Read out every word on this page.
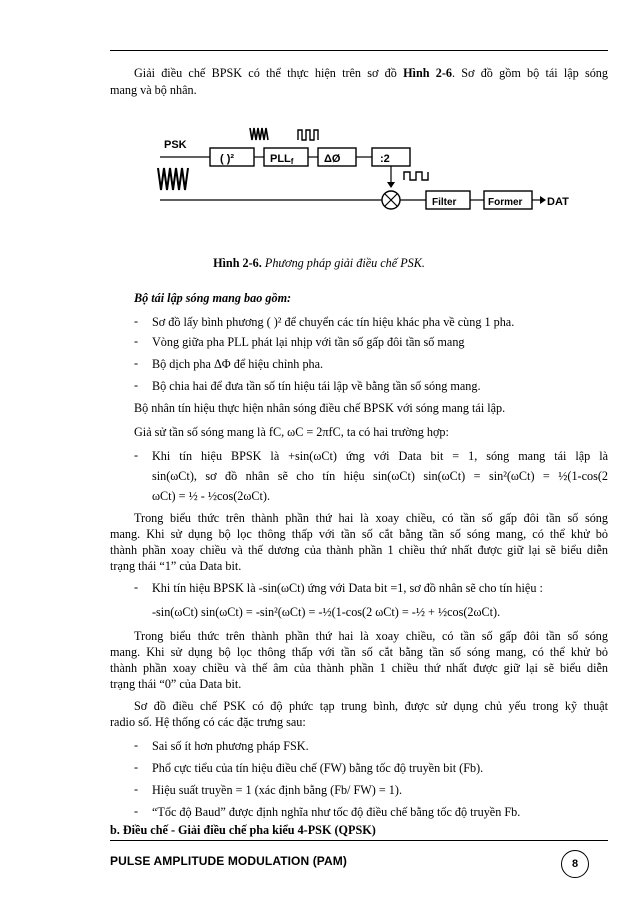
Giải điều chế BPSK có thể thực hiện trên sơ đồ Hình 2-6. Sơ đồ gồm bộ tái lập sóng

mang và bộ nhân.

PSK
( )²	PLLf	ΔØ	:2
Filter	Former DAT
Hình 2-6. Phương pháp giải điều chế PSK.

Bộ tái lập sóng mang bao gồm:

- Sơ đồ lấy bình phương ( )² để chuyển các tín hiệu khác pha về cùng 1 pha.

- Vòng giữa pha PLL phát lại nhịp với tần số gấp đôi tần số mang

- Bộ dịch pha ΔΦ để hiệu chỉnh pha.

- Bộ chia hai để đưa tần số tín hiệu tái lập về bằng tần số sóng mang.

Bộ nhân tín hiệu thực hiện nhân sóng điều chế BPSK với sóng mang tái lập.

Giả sử tần số sóng mang là fC, ωC = 2πfC, ta có hai trường hợp:

- Khi tín hiệu BPSK là +sin(ωCt) ứng với Data bit = 1, sóng mang tái lập là

sin(ωCt), sơ đồ nhân sẽ cho tín hiệu sin(ωCt) sin(ωCt) = sin²(ωCt) = ½(1-cos(2

ωCt) = ½ - ½cos(2ωCt).

Trong biểu thức trên thành phần thứ hai là xoay chiều, có tần số gấp đôi tần số sóng

mang. Khi sử dụng bộ lọc thông thấp với tần số cắt bằng tần số sóng mang, có thể khử bỏ

thành phần xoay chiều và thế dương của thành phần 1 chiều thứ nhất được giữ lại sẽ biểu diễn

trạng thái “1” của Data bit.

- Khi tín hiệu BPSK là -sin(ωCt) ứng với Data bit =1, sơ đồ nhân sẽ cho tín hiệu :

-sin(ωCt) sin(ωCt) = -sin²(ωCt) = -½(1-cos(2 ωCt) = -½ + ½cos(2ωCt).

Trong biểu thức trên thành phần thứ hai là xoay chiều, có tần số gấp đôi tần số sóng

mang. Khi sử dụng bộ lọc thông thấp với tần số cắt bằng tần số sóng mang, có thể khử bỏ

thành phần xoay chiều và thế âm của thành phần 1 chiều thứ nhất được giữ lại sẽ biểu diễn

trạng thái “0” của Data bit.

Sơ đồ điều chế PSK có độ phức tạp trung bình, được sử dụng chủ yếu trong kỹ thuật

radio số. Hệ thống có các đặc trưng sau:

- Sai số ít hơn phương pháp FSK.

- Phổ cực tiểu của tín hiệu điều chế (FW) bằng tốc độ truyền bit (Fb).

- Hiệu suất truyền = 1 (xác định bằng (Fb/ FW) = 1).

- “Tốc độ Baud” được định nghĩa như tốc độ điều chế bằng tốc độ truyền Fb.

b. Điều chế - Giải điều chế pha kiểu 4-PSK (QPSK)

PULSE AMPLITUDE MODULATION (PAM)	8
